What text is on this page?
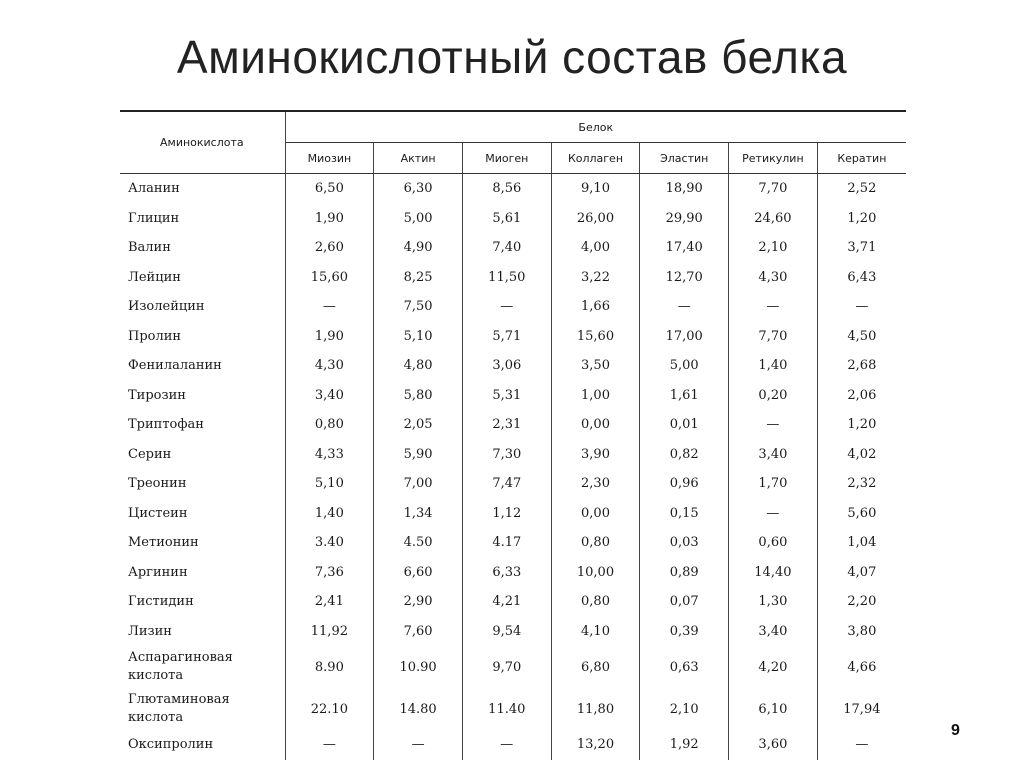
Аминокислотный состав белка
Аминокислота	Белок						
	Миозин	Актин	Миоген	Коллаген	Эластин	Ретикулин	Кератин
Аланин	6,50	6,30	8,56	9,10	18,90	7,70	2,52
Глицин	1,90	5,00	5,61	26,00	29,90	24,60	1,20
Валин	2,60	4,90	7,40	4,00	17,40	2,10	3,71
Лейцин	15,60	8,25	11,50	3,22	12,70	4,30	6,43
Изолейцин	—	7,50	—	1,66	—	—	—
Пролин	1,90	5,10	5,71	15,60	17,00	7,70	4,50
Фенилаланин	4,30	4,80	3,06	3,50	5,00	1,40	2,68
Тирозин	3,40	5,80	5,31	1,00	1,61	0,20	2,06
Триптофан	0,80	2,05	2,31	0,00	0,01	—	1,20
Серин	4,33	5,90	7,30	3,90	0,82	3,40	4,02
Треонин	5,10	7,00	7,47	2,30	0,96	1,70	2,32
Цистеин	1,40	1,34	1,12	0,00	0,15	—	5,60
Метионин	3.40	4.50	4.17	0,80	0,03	0,60	1,04
Аргинин	7,36	6,60	6,33	10,00	0,89	14,40	4,07
Гистидин	2,41	2,90	4,21	0,80	0,07	1,30	2,20
Лизин	11,92	7,60	9,54	4,10	0,39	3,40	3,80
Аспарагиновая кислота	8.90	10.90	9,70	6,80	0,63	4,20	4,66
Глютаминовая кислота	22.10	14.80	11.40	11,80	2,10	6,10	17,94
Оксипролин	—	—	—	13,20	1,92	3,60	—
9
